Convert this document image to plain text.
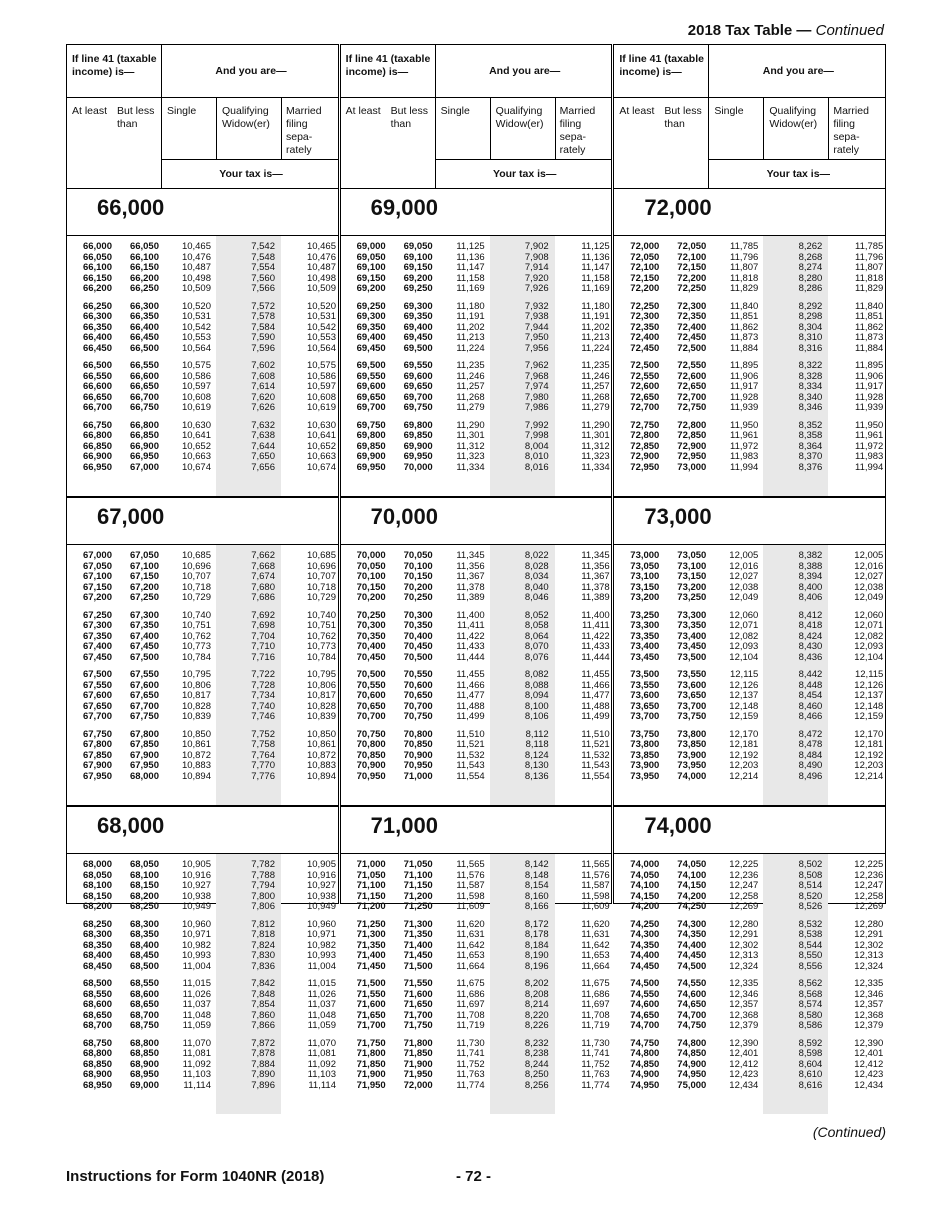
2018 Tax Table — Continued
If line 41 (taxable income) is—	And you are—
At least But less than
Single	Qualifying Widow(er)
Married filing sepa- rately
Your tax is—
66,000
66,000	66,050	10,465	7,542	10,465
66,050	66,100	10,476	7,548	10,476
66,100	66,150	10,487	7,554	10,487
66,150	66,200	10,498	7,560	10,498
66,200	66,250	10,509	7,566	10,509
66,250	66,300	10,520	7,572	10,520
66,300	66,350	10,531	7,578	10,531
66,350	66,400	10,542	7,584	10,542
66,400	66,450	10,553	7,590	10,553
66,450	66,500	10,564	7,596	10,564
66,500	66,550	10,575	7,602	10,575
66,550	66,600	10,586	7,608	10,586
66,600	66,650	10,597	7,614	10,597
66,650	66,700	10,608	7,620	10,608
66,700	66,750	10,619	7,626	10,619
66,750	66,800	10,630	7,632	10,630
66,800	66,850	10,641	7,638	10,641
66,850	66,900	10,652	7,644	10,652
66,900	66,950	10,663	7,650	10,663
66,950	67,000	10,674	7,656	10,674
67,000
67,000	67,050	10,685	7,662	10,685
67,050	67,100	10,696	7,668	10,696
67,100	67,150	10,707	7,674	10,707
67,150	67,200	10,718	7,680	10,718
67,200	67,250	10,729	7,686	10,729
67,250	67,300	10,740	7,692	10,740
67,300	67,350	10,751	7,698	10,751
67,350	67,400	10,762	7,704	10,762
67,400	67,450	10,773	7,710	10,773
67,450	67,500	10,784	7,716	10,784
67,500	67,550	10,795	7,722	10,795
67,550	67,600	10,806	7,728	10,806
67,600	67,650	10,817	7,734	10,817
67,650	67,700	10,828	7,740	10,828
67,700	67,750	10,839	7,746	10,839
67,750	67,800	10,850	7,752	10,850
67,800	67,850	10,861	7,758	10,861
67,850	67,900	10,872	7,764	10,872
67,900	67,950	10,883	7,770	10,883
67,950	68,000	10,894	7,776	10,894
68,000
68,000	68,050	10,905	7,782	10,905
68,050	68,100	10,916	7,788	10,916
68,100	68,150	10,927	7,794	10,927
68,150	68,200	10,938	7,800	10,938
68,200	68,250	10,949	7,806	10,949
68,250	68,300	10,960	7,812	10,960
68,300	68,350	10,971	7,818	10,971
68,350	68,400	10,982	7,824	10,982
68,400	68,450	10,993	7,830	10,993
68,450	68,500	11,004	7,836	11,004
68,500	68,550	11,015	7,842	11,015
68,550	68,600	11,026	7,848	11,026
68,600	68,650	11,037	7,854	11,037
68,650	68,700	11,048	7,860	11,048
68,700	68,750	11,059	7,866	11,059
68,750	68,800	11,070	7,872	11,070
68,800	68,850	11,081	7,878	11,081
68,850	68,900	11,092	7,884	11,092
68,900	68,950	11,103	7,890	11,103
68,950	69,000	11,114	7,896	11,114
If line 41 (taxable income) is—	And you are—
At least But less than
Single	Qualifying Widow(er)
Married filing sepa- rately
Your tax is—
69,000
69,000	69,050	11,125	7,902	11,125
69,050	69,100	11,136	7,908	11,136
69,100	69,150	11,147	7,914	11,147
69,150	69,200	11,158	7,920	11,158
69,200	69,250	11,169	7,926	11,169
69,250	69,300	11,180	7,932	11,180
69,300	69,350	11,191	7,938	11,191
69,350	69,400	11,202	7,944	11,202
69,400	69,450	11,213	7,950	11,213
69,450	69,500	11,224	7,956	11,224
69,500	69,550	11,235	7,962	11,235
69,550	69,600	11,246	7,968	11,246
69,600	69,650	11,257	7,974	11,257
69,650	69,700	11,268	7,980	11,268
69,700	69,750	11,279	7,986	11,279
69,750	69,800	11,290	7,992	11,290
69,800	69,850	11,301	7,998	11,301
69,850	69,900	11,312	8,004	11,312
69,900	69,950	11,323	8,010	11,323
69,950	70,000	11,334	8,016	11,334
70,000
70,000	70,050	11,345	8,022	11,345
70,050	70,100	11,356	8,028	11,356
70,100	70,150	11,367	8,034	11,367
70,150	70,200	11,378	8,040	11,378
70,200	70,250	11,389	8,046	11,389
70,250	70,300	11,400	8,052	11,400
70,300	70,350	11,411	8,058	11,411
70,350	70,400	11,422	8,064	11,422
70,400	70,450	11,433	8,070	11,433
70,450	70,500	11,444	8,076	11,444
70,500	70,550	11,455	8,082	11,455
70,550	70,600	11,466	8,088	11,466
70,600	70,650	11,477	8,094	11,477
70,650	70,700	11,488	8,100	11,488
70,700	70,750	11,499	8,106	11,499
70,750	70,800	11,510	8,112	11,510
70,800	70,850	11,521	8,118	11,521
70,850	70,900	11,532	8,124	11,532
70,900	70,950	11,543	8,130	11,543
70,950	71,000	11,554	8,136	11,554
71,000
71,000	71,050	11,565	8,142	11,565
71,050	71,100	11,576	8,148	11,576
71,100	71,150	11,587	8,154	11,587
71,150	71,200	11,598	8,160	11,598
71,200	71,250	11,609	8,166	11,609
71,250	71,300	11,620	8,172	11,620
71,300	71,350	11,631	8,178	11,631
71,350	71,400	11,642	8,184	11,642
71,400	71,450	11,653	8,190	11,653
71,450	71,500	11,664	8,196	11,664
71,500	71,550	11,675	8,202	11,675
71,550	71,600	11,686	8,208	11,686
71,600	71,650	11,697	8,214	11,697
71,650	71,700	11,708	8,220	11,708
71,700	71,750	11,719	8,226	11,719
71,750	71,800	11,730	8,232	11,730
71,800	71,850	11,741	8,238	11,741
71,850	71,900	11,752	8,244	11,752
71,900	71,950	11,763	8,250	11,763
71,950	72,000	11,774	8,256	11,774
If line 41 (taxable income) is—	And you are—
At least But less than
Single	Qualifying Widow(er)
Married filing sepa- rately
Your tax is—
72,000
72,000	72,050	11,785	8,262	11,785
72,050	72,100	11,796	8,268	11,796
72,100	72,150	11,807	8,274	11,807
72,150	72,200	11,818	8,280	11,818
72,200	72,250	11,829	8,286	11,829
72,250	72,300	11,840	8,292	11,840
72,300	72,350	11,851	8,298	11,851
72,350	72,400	11,862	8,304	11,862
72,400	72,450	11,873	8,310	11,873
72,450	72,500	11,884	8,316	11,884
72,500	72,550	11,895	8,322	11,895
72,550	72,600	11,906	8,328	11,906
72,600	72,650	11,917	8,334	11,917
72,650	72,700	11,928	8,340	11,928
72,700	72,750	11,939	8,346	11,939
72,750	72,800	11,950	8,352	11,950
72,800	72,850	11,961	8,358	11,961
72,850	72,900	11,972	8,364	11,972
72,900	72,950	11,983	8,370	11,983
72,950	73,000	11,994	8,376	11,994
73,000
73,000	73,050	12,005	8,382	12,005
73,050	73,100	12,016	8,388	12,016
73,100	73,150	12,027	8,394	12,027
73,150	73,200	12,038	8,400	12,038
73,200	73,250	12,049	8,406	12,049
73,250	73,300	12,060	8,412	12,060
73,300	73,350	12,071	8,418	12,071
73,350	73,400	12,082	8,424	12,082
73,400	73,450	12,093	8,430	12,093
73,450	73,500	12,104	8,436	12,104
73,500	73,550	12,115	8,442	12,115
73,550	73,600	12,126	8,448	12,126
73,600	73,650	12,137	8,454	12,137
73,650	73,700	12,148	8,460	12,148
73,700	73,750	12,159	8,466	12,159
73,750	73,800	12,170	8,472	12,170
73,800	73,850	12,181	8,478	12,181
73,850	73,900	12,192	8,484	12,192
73,900	73,950	12,203	8,490	12,203
73,950	74,000	12,214	8,496	12,214
74,000
74,000	74,050	12,225	8,502	12,225
74,050	74,100	12,236	8,508	12,236
74,100	74,150	12,247	8,514	12,247
74,150	74,200	12,258	8,520	12,258
74,200	74,250	12,269	8,526	12,269
74,250	74,300	12,280	8,532	12,280
74,300	74,350	12,291	8,538	12,291
74,350	74,400	12,302	8,544	12,302
74,400	74,450	12,313	8,550	12,313
74,450	74,500	12,324	8,556	12,324
74,500	74,550	12,335	8,562	12,335
74,550	74,600	12,346	8,568	12,346
74,600	74,650	12,357	8,574	12,357
74,650	74,700	12,368	8,580	12,368
74,700	74,750	12,379	8,586	12,379
74,750	74,800	12,390	8,592	12,390
74,800	74,850	12,401	8,598	12,401
74,850	74,900	12,412	8,604	12,412
74,900	74,950	12,423	8,610	12,423
74,950	75,000	12,434	8,616	12,434
(Continued)
Instructions for Form 1040NR (2018)	- 72 -
